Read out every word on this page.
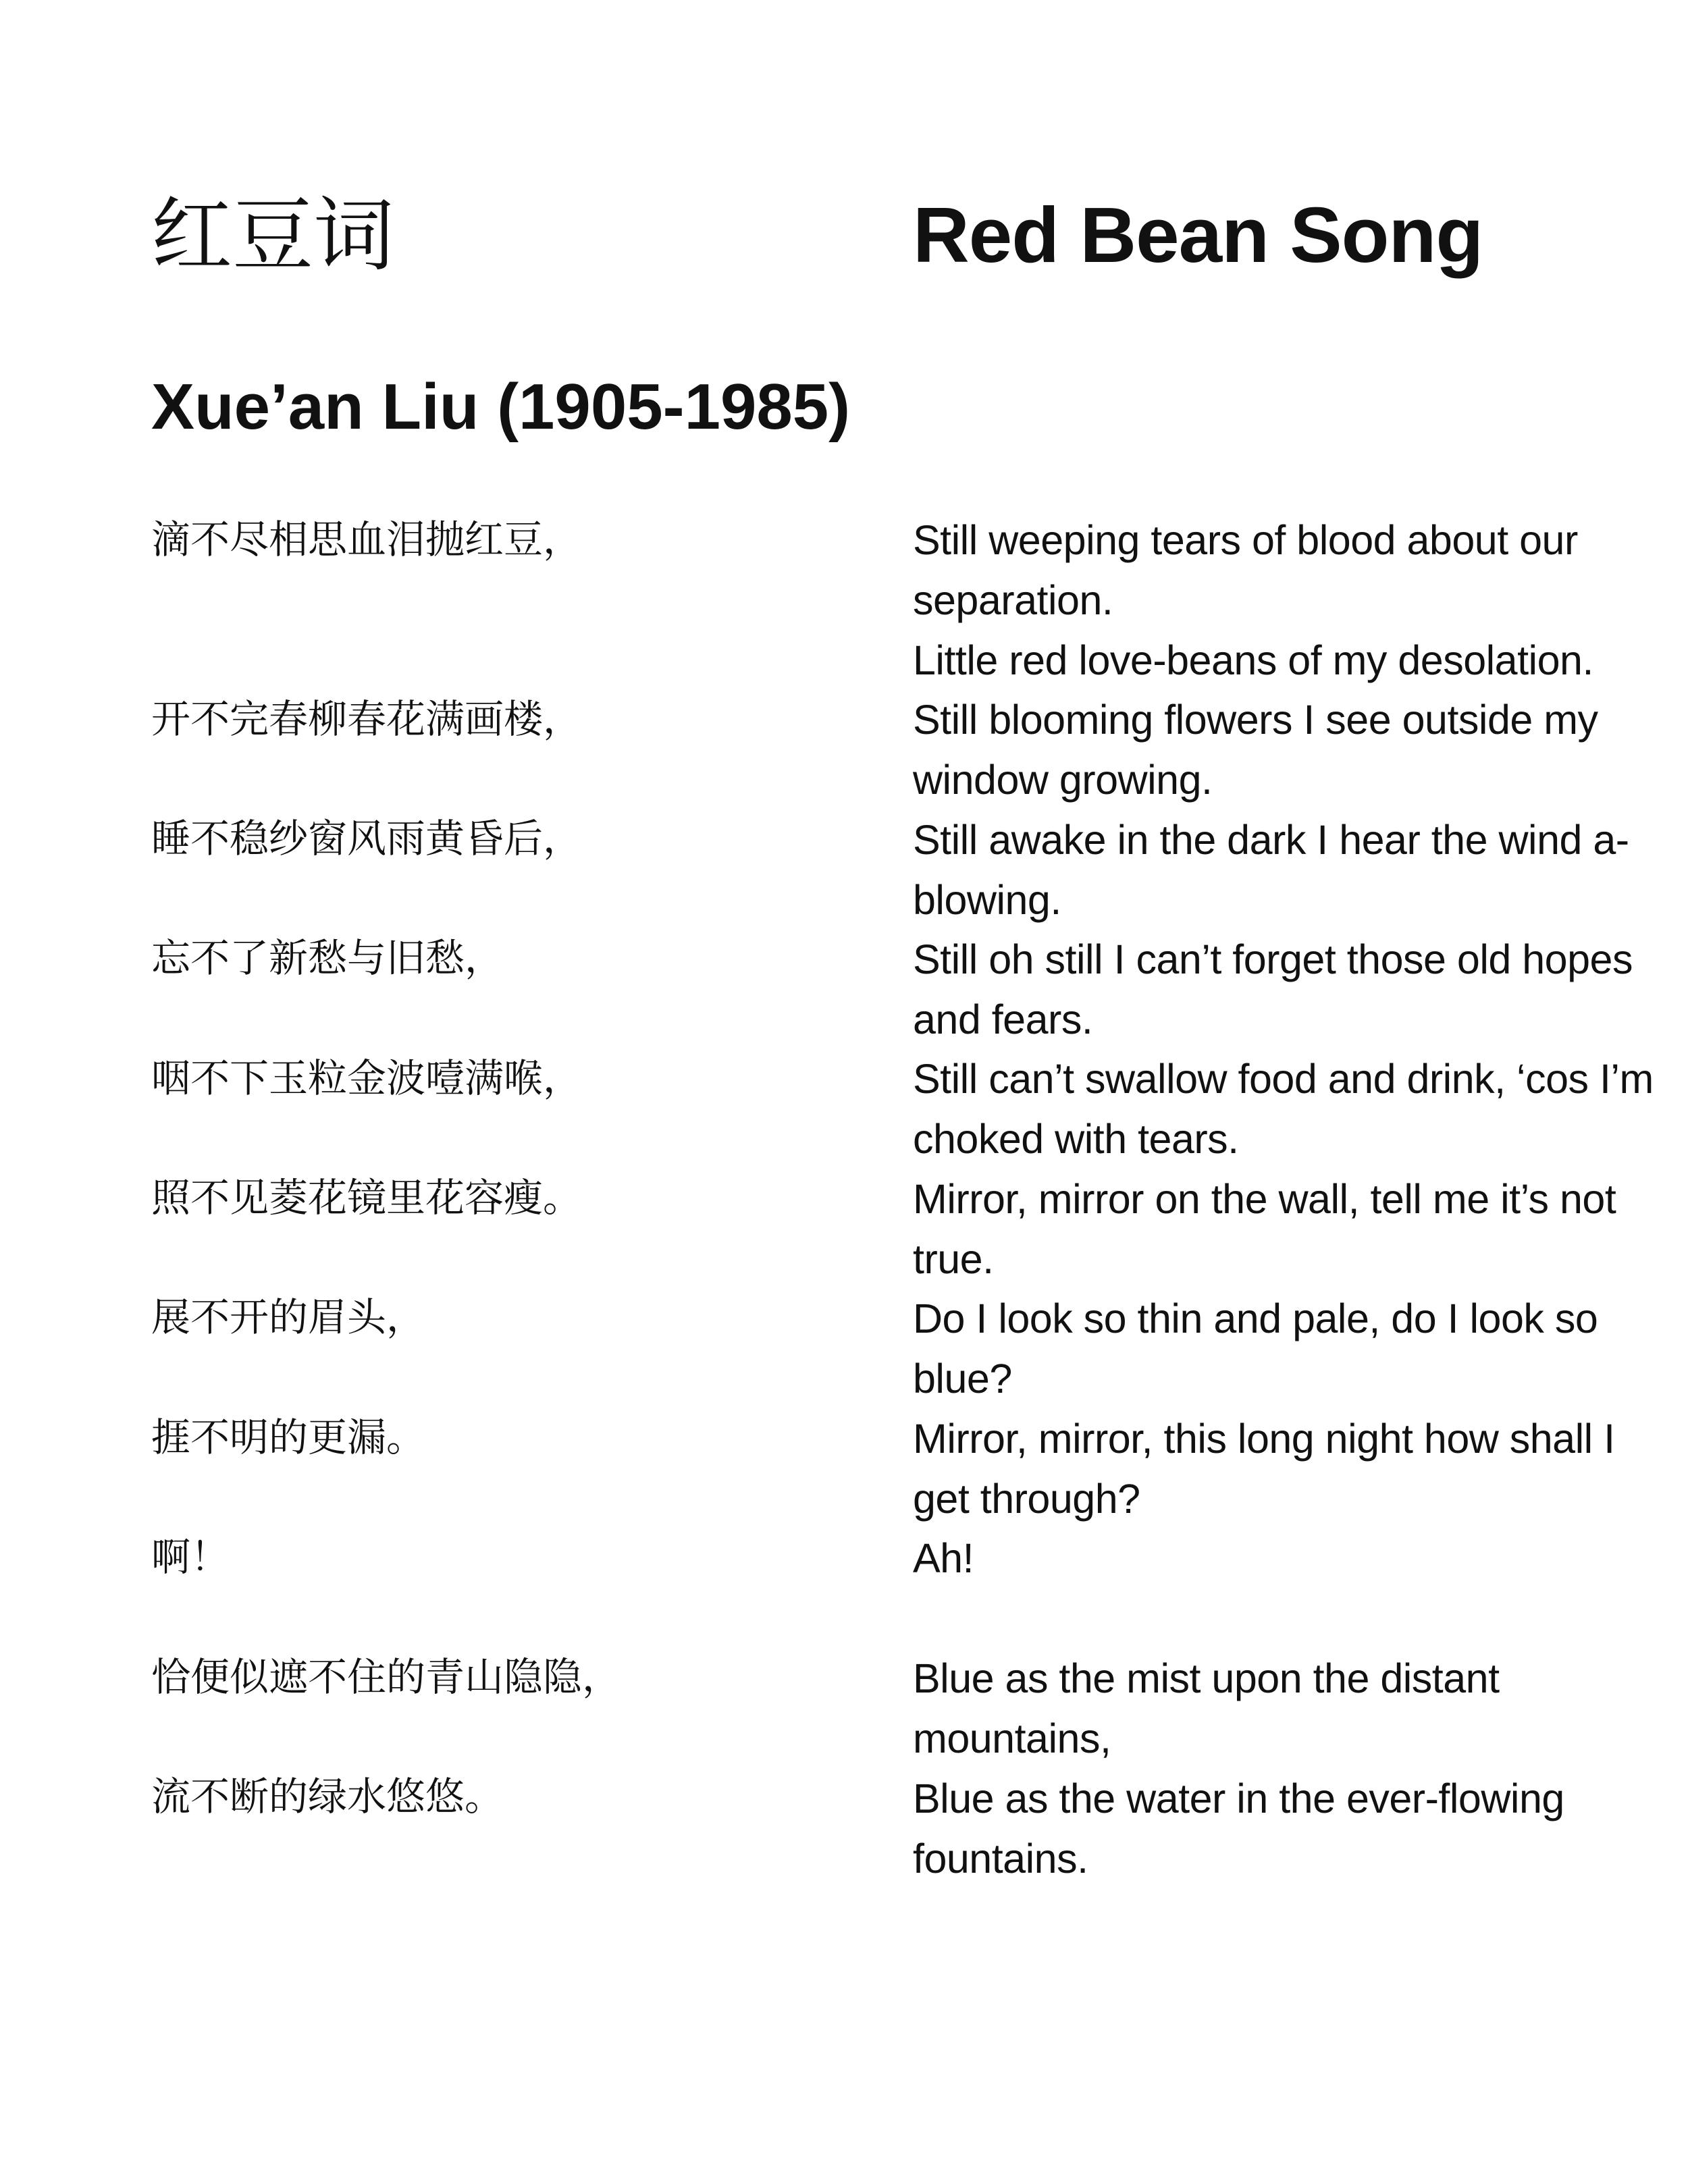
红豆词	Red Bean Song
Xue’an Liu (1905-1985)
滴不尽相思血泪抛红豆，
开不完春柳春花满画楼，
睡不稳纱窗风雨黄昏后，
忘不了新愁与旧愁，
咽不下玉粒金波噎满喉，
照不见菱花镜里花容瘦。
展不开的眉头，
捱不明的更漏。
啊！
恰便似遮不住的青山隐隐，
流不断的绿水悠悠。
Still weeping tears of blood about our separation.
Little red love-beans of my desolation.
Still blooming flowers I see outside my window growing.
Still awake in the dark I hear the wind a-blowing.
Still oh still I can’t forget those old hopes and fears.
Still can’t swallow food and drink, ‘cos I’m choked with tears.
Mirror, mirror on the wall, tell me it’s not true.
Do I look so thin and pale, do I look so blue?
Mirror, mirror, this long night how shall I get through?
Ah!
Blue as the mist upon the distant mountains,
Blue as the water in the ever-flowing fountains.
